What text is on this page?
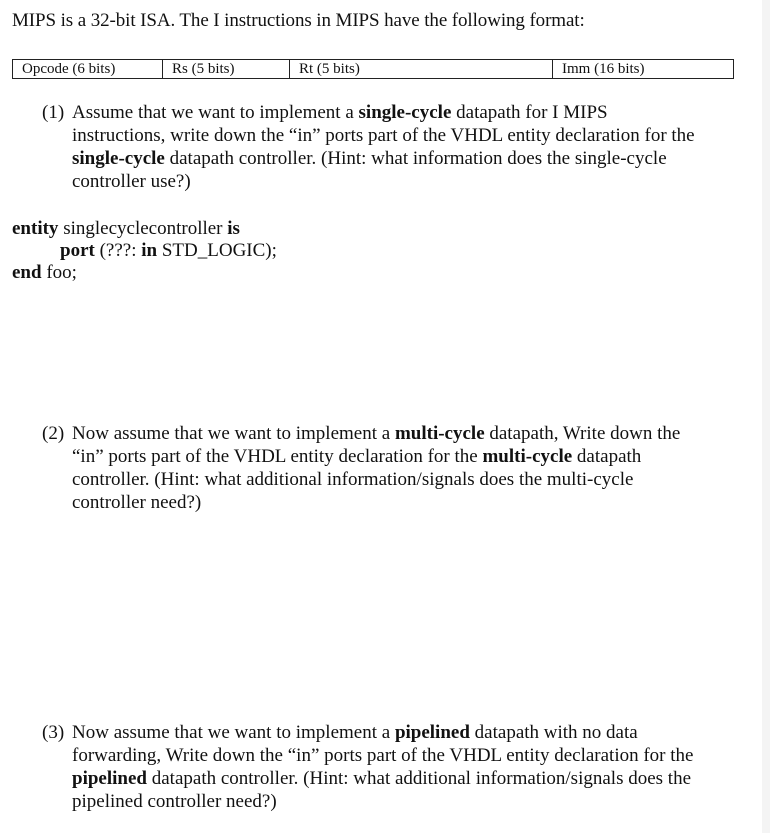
MIPS is a 32-bit ISA. The I instructions in MIPS have the following format:
Opcode (6 bits)	Rs (5 bits)	Rt (5 bits)	Imm (16 bits)
(1) Assume that we want to implement a single-cycle datapath for I MIPS
instructions, write down the “in” ports part of the VHDL entity declaration for the
single-cycle datapath controller. (Hint: what information does the single-cycle
controller use?)
entity singlecyclecontroller is
port (???: in STD_LOGIC);
end foo;
(2) Now assume that we want to implement a multi-cycle datapath, Write down the
“in” ports part of the VHDL entity declaration for the multi-cycle datapath
controller. (Hint: what additional information/signals does the multi-cycle
controller need?)
(3) Now assume that we want to implement a pipelined datapath with no data
forwarding, Write down the “in” ports part of the VHDL entity declaration for the
pipelined datapath controller. (Hint: what additional information/signals does the
pipelined controller need?)
